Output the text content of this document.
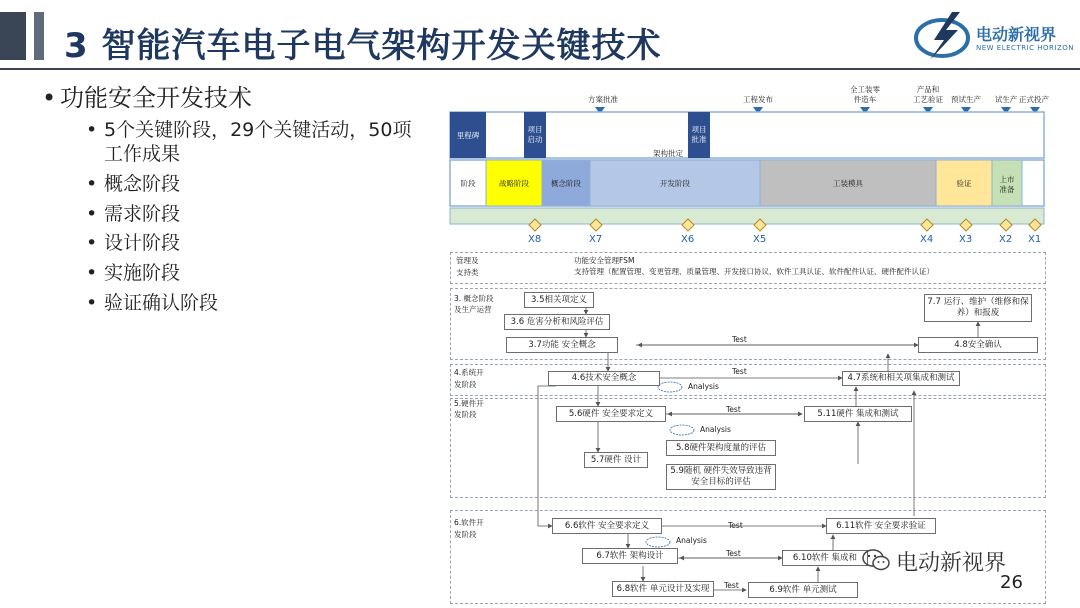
3 智能汽车电子电气架构开发关键技术	电动新视界
NEW ELECTRIC HORIZON
• 功能安全开发技术
• 5个关键阶段，29个关键活动，50项
工作成果
• 概念阶段
• 需求阶段
• 设计阶段
• 实施阶段
• 验证确认阶段
方案批准	工程发布
全工装零
件造车
产品和
工艺验证	预试生产	试生产 正式投产
里程碑
项目
启动
项目
批准
架构批定
阶段	战略阶段	概念阶段	开发阶段	工装模具	验证	上市
准备
X8	X7	X6	X5	X4	X3	X2 X1
管理及
支持类
功能安全管理FSM
支持管理（配置管理、变更管理、质量管理、开发接口协议、软件工具认证、软件配件认证、硬件配件认证）
3. 概念阶段
及生产运营
4.系统开
发阶段
5.硬件开
发阶段
6.软件开
发阶段
Test
Test
Analysis
Test
Analysis
Test
Analysis
Test
Test
3.5相关项定义
3.6 危害分析和风险评估
3.7功能 安全概念
7.7 运行、维护（维修和保
养）和报废
4.8安全确认
4.6技术安全概念	4.7系统和相关项集成和测试
5.6硬件 安全要求定义	5.11硬件 集成和测试
5.8硬件架构度量的评估
5.7硬件 设计
5.9随机 硬件失效导致违背
安全目标的评估
6.6软件 安全要求定义	6.11软件 安全要求验证
6.7软件 架构设计	6.10软件 集成和
6.8软件 单元设计及实现	6.9软件 单元测试
电动新视界
26
